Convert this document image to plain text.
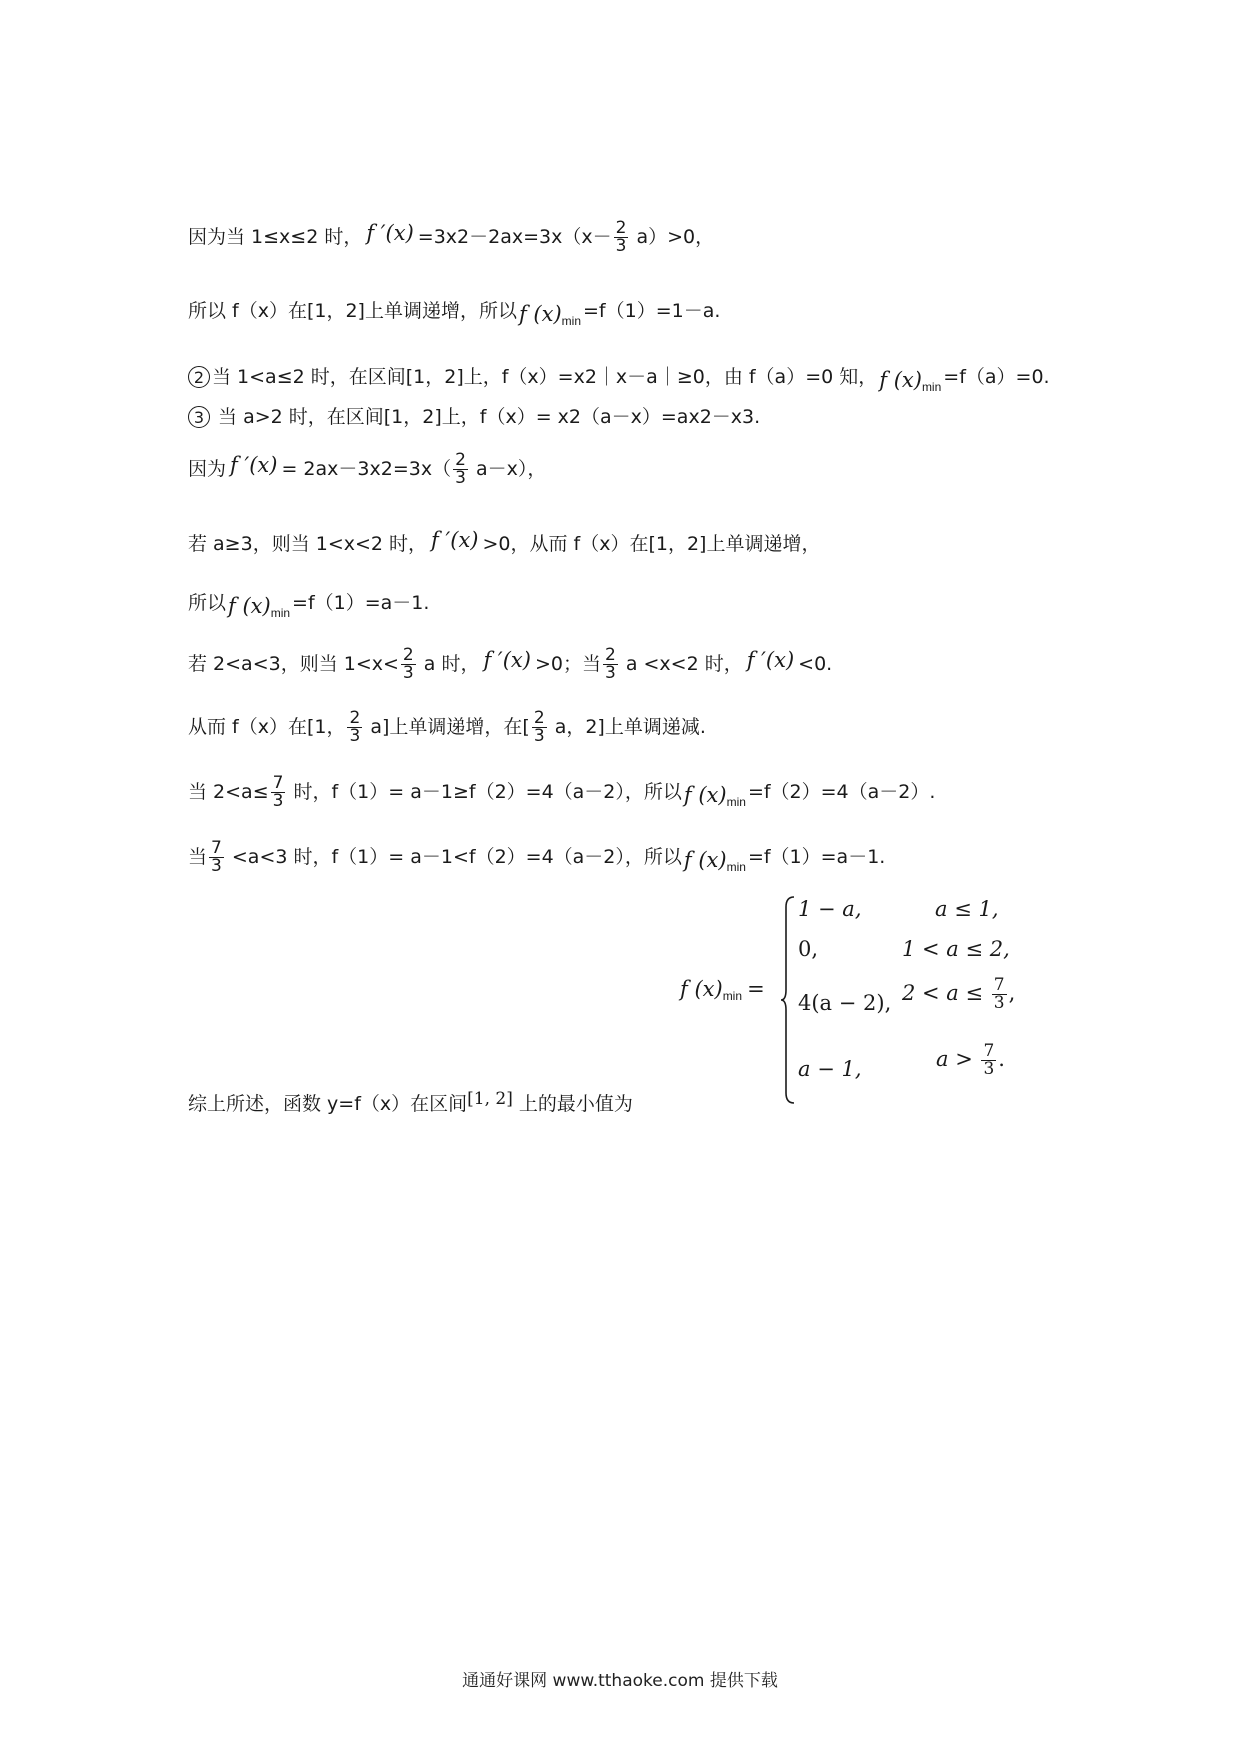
因为当 1≤x≤2 时， f $'(x) =3x2-2ax=3x(x- \frac{2}{3} a)>0$，
所以 f（x）在[1，2]上单调递增，所以f $(x)_{min} =f(1)=1-a$.
2 当 1<a≤2 时，在区间[1，2]上，f（x）=x2｜x－a｜≥0，由 f（a）=0 知，f $(x)_{min} =f(a)=0$.
3 当 a>2 时，在区间[1，2]上，f（x）= x2（a－x）=ax2－x3.
因为 f $'(x) = 2ax-3x2=3x( \frac{2}{3} a-x)$，
若 a≥3，则当 1<x<2 时， f ′(x) >0，从而 f（x）在[1，2]上单调递增，
所以f $(x)_{min} =f(1)=a-1$.
若 2<a<3，则当 $1<x< \frac{2}{3}$ a 时， f ′(x) >0；当 $\frac{2}{3}$ a <x<2 时， f ′(x) <0.
从而 f（x）在[1， $\frac{2}{3} a$]上单调递增，在[ $\frac{2}{3}$ a，2]上单调递减.
当 $2<a\le \frac{7}{3}$ 时，f（1）= a－1≥f（2）=4（a－2），所以f $(x)_{min} =f(2)=4(a-2)$.
当 $\frac{7}{3} <a<3$ 时，f（1）= a－1<f（2）=4（a－2），所以f $(x)_{min} =f(1)=a-1$.
f $(x)_{min}$ =
1 − a,	a ≤ 1,
0,	1 < a ≤ 2,
4(a − 2), $2 < a \le \frac{7}{3}$ ,
a − 1,	$a > \frac{7}{3}$ .
综上所述，函数 y=f（x）在区间[1, 2] 上的最小值为
通通好课网 www.tthaoke.com 提供下载
